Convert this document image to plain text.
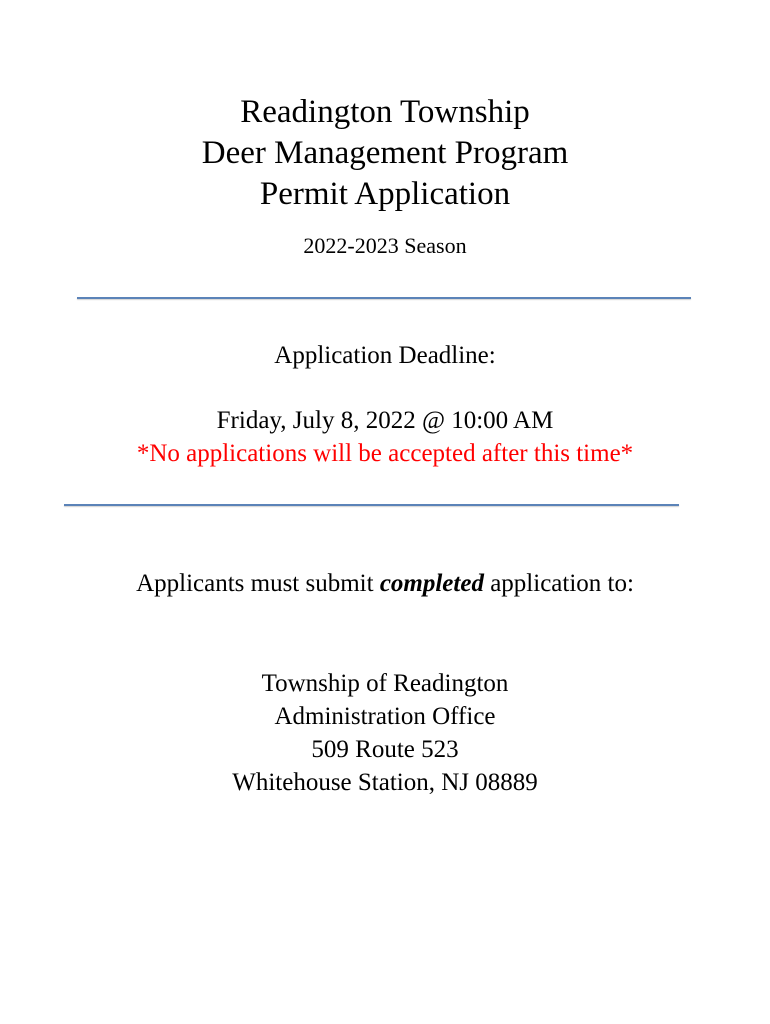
Readington Township
Deer Management Program
Permit Application
2022-2023 Season
Application Deadline:
Friday, July 8, 2022 @ 10:00 AM
*No applications will be accepted after this time*
Applicants must submit completed application to:
Township of Readington
Administration Office
509 Route 523
Whitehouse Station, NJ 08889
